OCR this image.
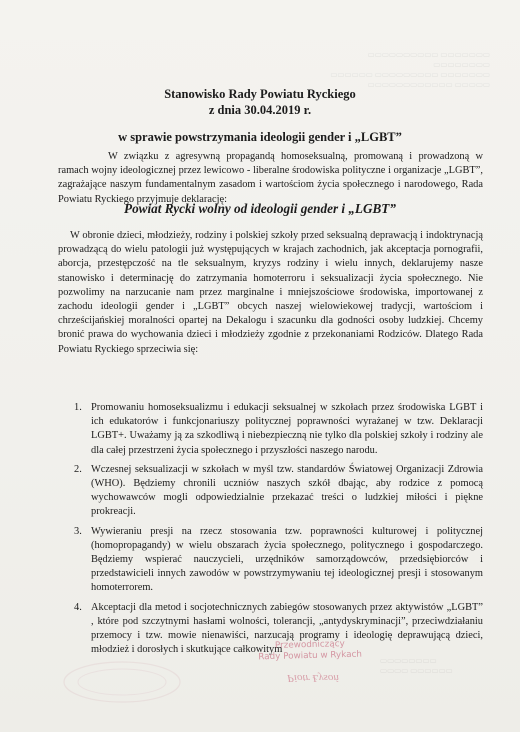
▭▭▭▭▭▭▭▭▭▭ ▭▭▭▭▭▭▭ ▭▭▭▭▭▭▭▭
▭▭▭▭▭▭ ▭▭▭▭▭▭▭▭▭ ▭▭▭▭▭▭▭
▭▭▭▭▭▭▭▭▭▭▭▭ ▭▭▭▭▭
Stanowisko Rady Powiatu Ryckiego
z dnia 30.04.2019 r.
w sprawie powstrzymania ideologii gender i „LGBT”

W związku z agresywną propagandą homoseksualną, promowaną i prowadzoną w ramach wojny ideologicznej przez lewicowo - liberalne środowiska polityczne i organizacje „LGBT”, zagrażające naszym fundamentalnym zasadom i wartościom życia społecznego i narodowego, Rada Powiatu Ryckiego przyjmuje deklarację:

Powiat Rycki wolny od ideologii gender i „LGBT”

W obronie dzieci, młodzieży, rodziny i polskiej szkoły przed seksualną deprawacją i indoktrynacją prowadzącą do wielu patologii już występujących w krajach zachodnich, jak akceptacja pornografii, aborcja, przestępczość na tle seksualnym, kryzys rodziny i wielu innych, deklarujemy nasze stanowisko i determinację do zatrzymania homoterroru i seksualizacji życia społecznego. Nie pozwolimy na narzucanie nam przez marginalne i mniejszościowe środowiska, importowanej z zachodu ideologii gender i „LGBT” obcych naszej wielowiekowej tradycji, wartościom i chrześcijańskiej moralności opartej na Dekalogu i szacunku dla godności osoby ludzkiej. Chcemy bronić prawa do wychowania dzieci i młodzieży zgodnie z przekonaniami Rodziców. Dlatego Rada Powiatu Ryckiego sprzeciwia się:

1. Promowaniu homoseksualizmu i edukacji seksualnej w szkołach przez środowiska LGBT i ich edukatorów i funkcjonariuszy politycznej poprawności wyrażanej w tzw. Deklaracji LGBT+. Uważamy ją za szkodliwą i niebezpieczną nie tylko dla polskiej szkoły i rodziny ale dla całej przestrzeni życia społecznego i przyszłości naszego narodu.
2. Wczesnej seksualizacji w szkołach w myśl tzw. standardów Światowej Organizacji Zdrowia (WHO). Będziemy chronili uczniów naszych szkół dbając, aby rodzice z pomocą wychowawców mogli odpowiedzialnie przekazać treści o ludzkiej miłości i piękne prokreacji.
3. Wywieraniu presji na rzecz stosowania tzw. poprawności kulturowej i politycznej (homopropagandy) w wielu obszarach życia społecznego, politycznego i gospodarczego. Będziemy wspierać nauczycieli, urzędników samorządowców, przedsiębiorców i przedstawicieli innych zawodów w powstrzymywaniu tej ideologicznej presji i stosowanym homoterrorem.
4. Akceptacji dla metod i socjotechnicznych zabiegów stosowanych przez aktywistów „LGBT” , które pod szczytnymi hasłami wolności, tolerancji, „antydyskryminacji”, przeciwdziałaniu przemocy i tzw. mowie nienawiści, narzucają programy i ideologię deprawującą dzieci, młodzież i dorosłych i skutkujące całkowitym
Przewodniczący
Rady Powiatu w Rykach
Piotr Łysoń
▭▭▭▭▭▭▭▭
▭▭▭▭ ▭▭▭▭▭▭
